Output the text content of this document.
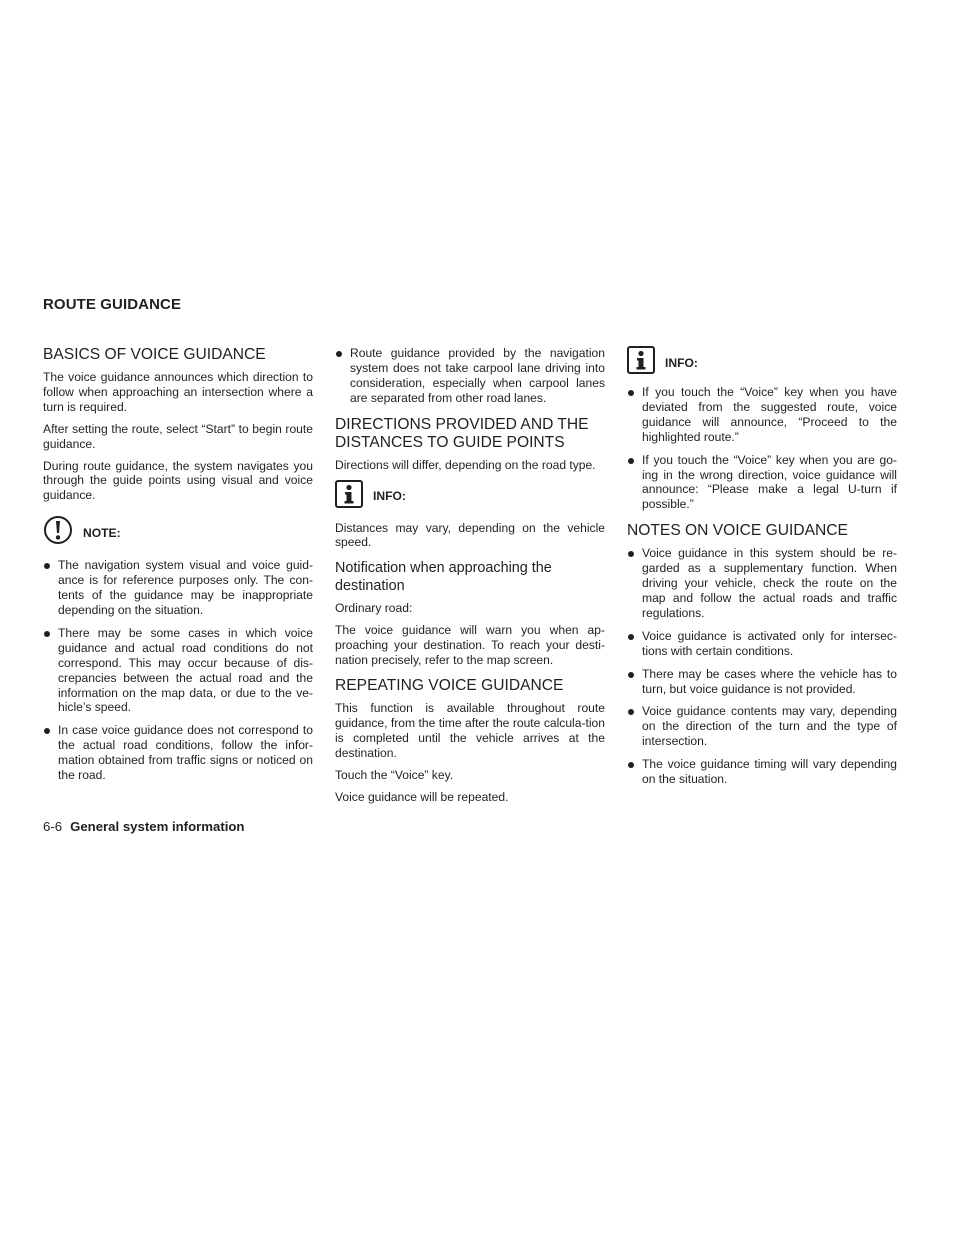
ROUTE GUIDANCE
BASICS OF VOICE GUIDANCE

The voice guidance announces which direction to follow when approaching an intersection where a turn is required.

After setting the route, select “Start” to begin route guidance.

During route guidance, the system navigates you through the guide points using visual and voice guidance.

NOTE:
The navigation system visual and voice guid-ance is for reference purposes only. The con-tents of the guidance may be inappropriate depending on the situation.
There may be some cases in which voice guidance and actual road conditions do not correspond. This may occur because of dis-crepancies between the actual road and the information on the map data, or due to the ve-hicle’s speed.
In case voice guidance does not correspond to the actual road conditions, follow the infor-mation obtained from traffic signs or noticed on the road.
Route guidance provided by the navigation system does not take carpool lane driving into consideration, especially when carpool lanes are separated from other road lanes.
DIRECTIONS PROVIDED AND THE DISTANCES TO GUIDE POINTS

Directions will differ, depending on the road type.

INFO:

Distances may vary, depending on the vehicle speed.

Notification when approaching the destination

Ordinary road:

The voice guidance will warn you when ap-proaching your destination. To reach your desti-nation precisely, refer to the map screen.

REPEATING VOICE GUIDANCE

This function is available throughout route guidance, from the time after the route calcula-tion is completed until the vehicle arrives at the destination.

Touch the “Voice” key.

Voice guidance will be repeated.

INFO:
If you touch the “Voice” key when you have deviated from the suggested route, voice guidance will announce, “Proceed to the highlighted route.”
If you touch the “Voice” key when you are go-ing in the wrong direction, voice guidance will announce: “Please make a legal U-turn if possible.”
NOTES ON VOICE GUIDANCE
Voice guidance in this system should be re-garded as a supplementary function. When driving your vehicle, check the route on the map and follow the actual roads and traffic regulations.
Voice guidance is activated only for intersec-tions with certain conditions.
There may be cases where the vehicle has to turn, but voice guidance is not provided.
Voice guidance contents may vary, depending on the direction of the turn and the type of intersection.
The voice guidance timing will vary depending on the situation.
6-6 General system information
